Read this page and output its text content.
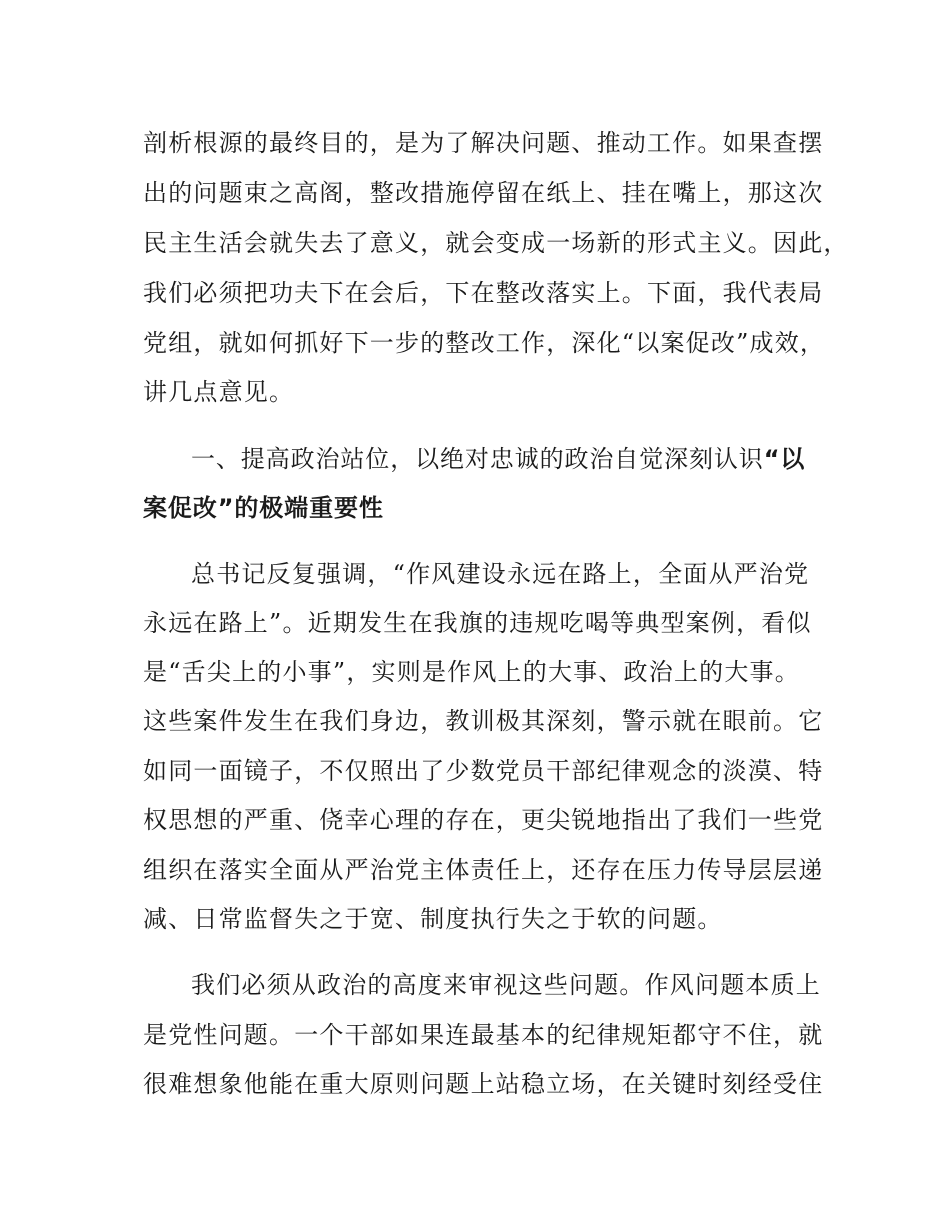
剖析根源的最终目的，是为了解决问题、推动工作。如果查摆
出的问题束之高阁，整改措施停留在纸上、挂在嘴上，那这次
民主生活会就失去了意义，就会变成一场新的形式主义。因此，
我们必须把功夫下在会后，下在整改落实上。下面，我代表局
党组，就如何抓好下一步的整改工作，深化“以案促改”成效，
讲几点意见。
一、提高政治站位，以绝对忠诚的政治自觉深刻认识“以
案促改”的极端重要性
总书记反复强调，“作风建设永远在路上，全面从严治党
永远在路上”。近期发生在我旗的违规吃喝等典型案例，看似
是“舌尖上的小事”，实则是作风上的大事、政治上的大事。
这些案件发生在我们身边，教训极其深刻，警示就在眼前。它
如同一面镜子，不仅照出了少数党员干部纪律观念的淡漠、特
权思想的严重、侥幸心理的存在，更尖锐地指出了我们一些党
组织在落实全面从严治党主体责任上，还存在压力传导层层递
减、日常监督失之于宽、制度执行失之于软的问题。
我们必须从政治的高度来审视这些问题。作风问题本质上
是党性问题。一个干部如果连最基本的纪律规矩都守不住，就
很难想象他能在重大原则问题上站稳立场，在关键时刻经受住
